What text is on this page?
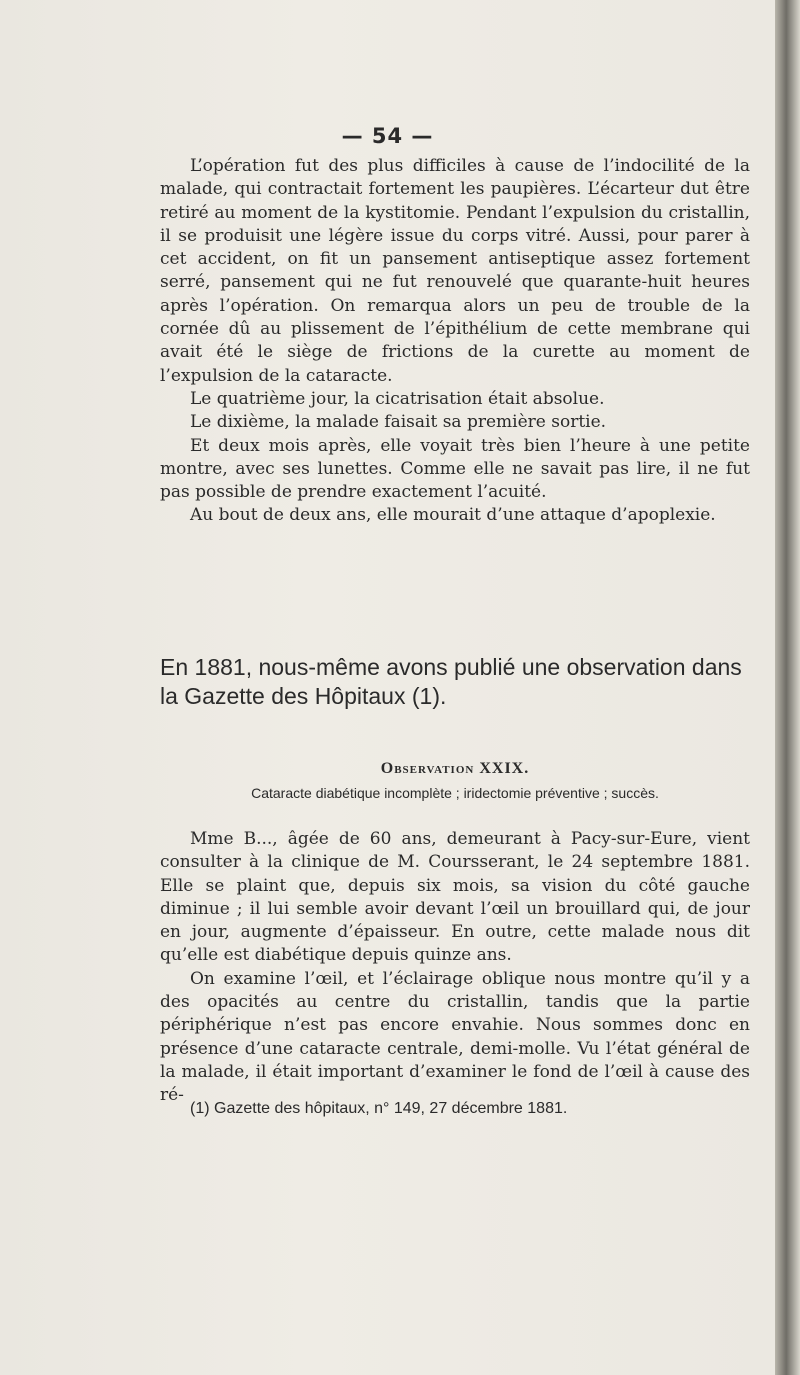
— 54 —

L’opération fut des plus difficiles à cause de l’indocilité de la malade, qui contractait fortement les paupières. L’écarteur dut être retiré au moment de la kystitomie. Pendant l’expulsion du cristallin, il se produisit une légère issue du corps vitré. Aussi, pour parer à cet accident, on fit un pansement antiseptique assez fortement serré, pansement qui ne fut renouvelé que quarante-huit heures après l’opération. On remarqua alors un peu de trouble de la cornée dû au plissement de l’épithélium de cette membrane qui avait été le siège de frictions de la curette au moment de l’expulsion de la cataracte.

Le quatrième jour, la cicatrisation était absolue.

Le dixième, la malade faisait sa première sortie.

Et deux mois après, elle voyait très bien l’heure à une petite montre, avec ses lunettes. Comme elle ne savait pas lire, il ne fut pas possible de prendre exactement l’acuité.

Au bout de deux ans, elle mourait d’une attaque d’apoplexie.

En 1881, nous-même avons publié une observation dans la Gazette des Hôpitaux (1).
Observation XXIX.
Cataracte diabétique incomplète ; iridectomie préventive ; succès.

Mme B..., âgée de 60 ans, demeurant à Pacy-sur-Eure, vient consulter à la clinique de M. Coursserant, le 24 septembre 1881. Elle se plaint que, depuis six mois, sa vision du côté gauche diminue ; il lui semble avoir devant l’œil un brouillard qui, de jour en jour, augmente d’épaisseur. En outre, cette malade nous dit qu’elle est diabétique depuis quinze ans.

On examine l’œil, et l’éclairage oblique nous montre qu’il y a des opacités au centre du cristallin, tandis que la partie périphérique n’est pas encore envahie. Nous sommes donc en présence d’une cataracte centrale, demi-molle. Vu l’état général de la malade, il était important d’examiner le fond de l’œil à cause des ré-

(1) Gazette des hôpitaux, n° 149, 27 décembre 1881.
